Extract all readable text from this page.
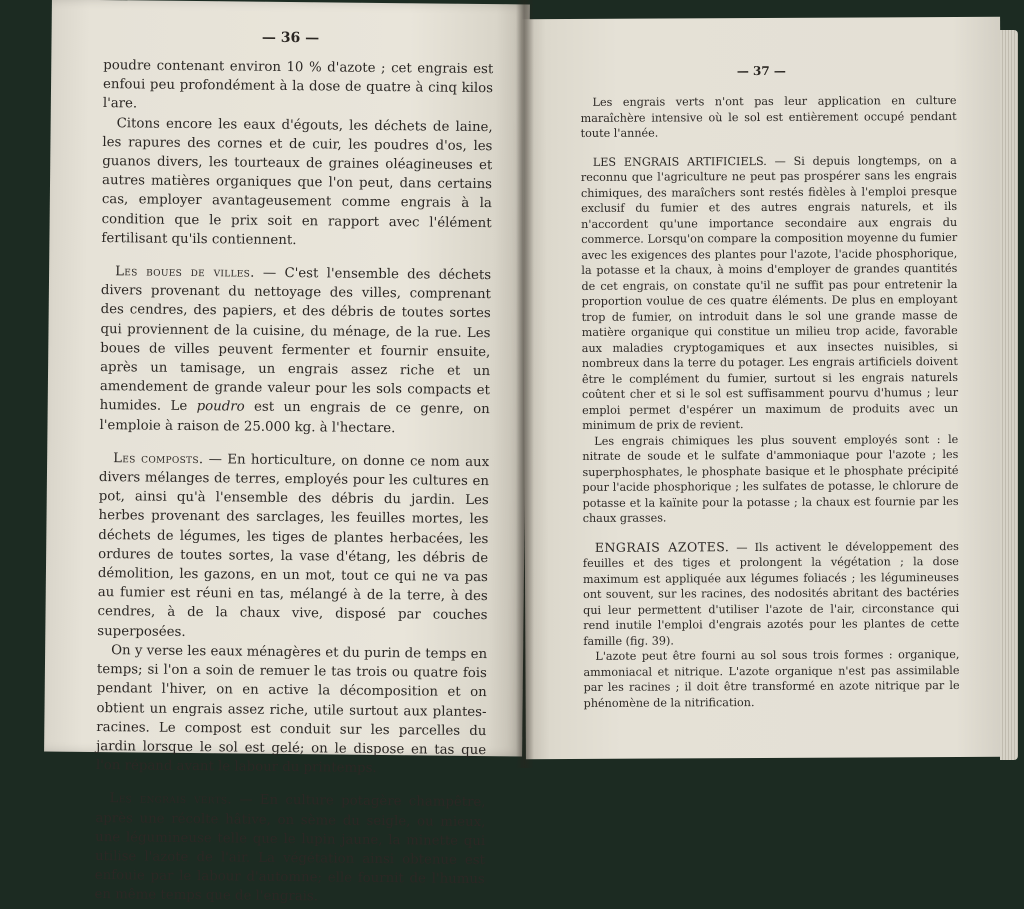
— 36 —

poudre contenant environ 10 % d'azote ; cet engrais est enfoui peu profondément à la dose de quatre à cinq kilos l'are.

Citons encore les eaux d'égouts, les déchets de laine, les rapures des cornes et de cuir, les poudres d'os, les guanos divers, les tourteaux de graines oléagineuses et autres matières organiques que l'on peut, dans certains cas, employer avantageusement comme engrais à la condition que le prix soit en rapport avec l'élément fertilisant qu'ils contiennent.

Les boues de villes. — C'est l'ensemble des déchets divers provenant du nettoyage des villes, comprenant des cendres, des papiers, et des débris de toutes sortes qui proviennent de la cuisine, du ménage, de la rue. Les boues de villes peuvent fermenter et fournir ensuite, après un tamisage, un engrais assez riche et un amendement de grande valeur pour les sols compacts et humides. Le poudro est un engrais de ce genre, on l'emploie à raison de 25.000 kg. à l'hectare.

Les composts. — En horticulture, on donne ce nom aux divers mélanges de terres, employés pour les cultures en pot, ainsi qu'à l'ensemble des débris du jardin. Les herbes provenant des sarclages, les feuilles mortes, les déchets de légumes, les tiges de plantes herbacées, les ordures de toutes sortes, la vase d'étang, les débris de démolition, les gazons, en un mot, tout ce qui ne va pas au fumier est réuni en tas, mélangé à de la terre, à des cendres, à de la chaux vive, disposé par couches superposées.

On y verse les eaux ménagères et du purin de temps en temps; si l'on a soin de remuer le tas trois ou quatre fois pendant l'hiver, on en active la décomposition et on obtient un engrais assez riche, utile surtout aux plantes-racines. Le compost est conduit sur les parcelles du jardin lorsque le sol est gelé; on le dispose en tas que l'on répand avant le labour du printemps.

Les engrais verts. — En culture potagère champêtre, après une récolte hâtive, on sème du seigle, ou mieux, une légumineuse telle que le lupin jaune, la minette qui utilise l'azote de l'air. La végétation ainsi obtenue est enfouie par le labour d'automne; elle fournit de l'humus en même temps que de l'engrais.

— 37 —

Les engrais verts n'ont pas leur application en culture maraîchère intensive où le sol est entièrement occupé pendant toute l'année.

LES ENGRAIS ARTIFICIELS. — Si depuis longtemps, on a reconnu que l'agriculture ne peut pas prospérer sans les engrais chimiques, des maraîchers sont restés fidèles à l'emploi presque exclusif du fumier et des autres engrais naturels, et ils n'accordent qu'une importance secondaire aux engrais du commerce. Lorsqu'on compare la composition moyenne du fumier avec les exigences des plantes pour l'azote, l'acide phosphorique, la potasse et la chaux, à moins d'employer de grandes quantités de cet engrais, on constate qu'il ne suffit pas pour entretenir la proportion voulue de ces quatre éléments. De plus en employant trop de fumier, on introduit dans le sol une grande masse de matière organique qui constitue un milieu trop acide, favorable aux maladies cryptogamiques et aux insectes nuisibles, si nombreux dans la terre du potager. Les engrais artificiels doivent être le complément du fumier, surtout si les engrais naturels coûtent cher et si le sol est suffisamment pourvu d'humus ; leur emploi permet d'espérer un maximum de produits avec un minimum de prix de revient.

Les engrais chimiques les plus souvent employés sont : le nitrate de soude et le sulfate d'ammoniaque pour l'azote ; les superphosphates, le phosphate basique et le phosphate précipité pour l'acide phosphorique ; les sulfates de potasse, le chlorure de potasse et la kaïnite pour la potasse ; la chaux est fournie par les chaux grasses.

ENGRAIS AZOTES. — Ils activent le développement des feuilles et des tiges et prolongent la végétation ; la dose maximum est appliquée aux légumes foliacés ; les légumineuses ont souvent, sur les racines, des nodosités abritant des bactéries qui leur permettent d'utiliser l'azote de l'air, circonstance qui rend inutile l'emploi d'engrais azotés pour les plantes de cette famille (fig. 39).

L'azote peut être fourni au sol sous trois formes : organique, ammoniacal et nitrique. L'azote organique n'est pas assimilable par les racines ; il doit être transformé en azote nitrique par le phénomène de la nitrification.
